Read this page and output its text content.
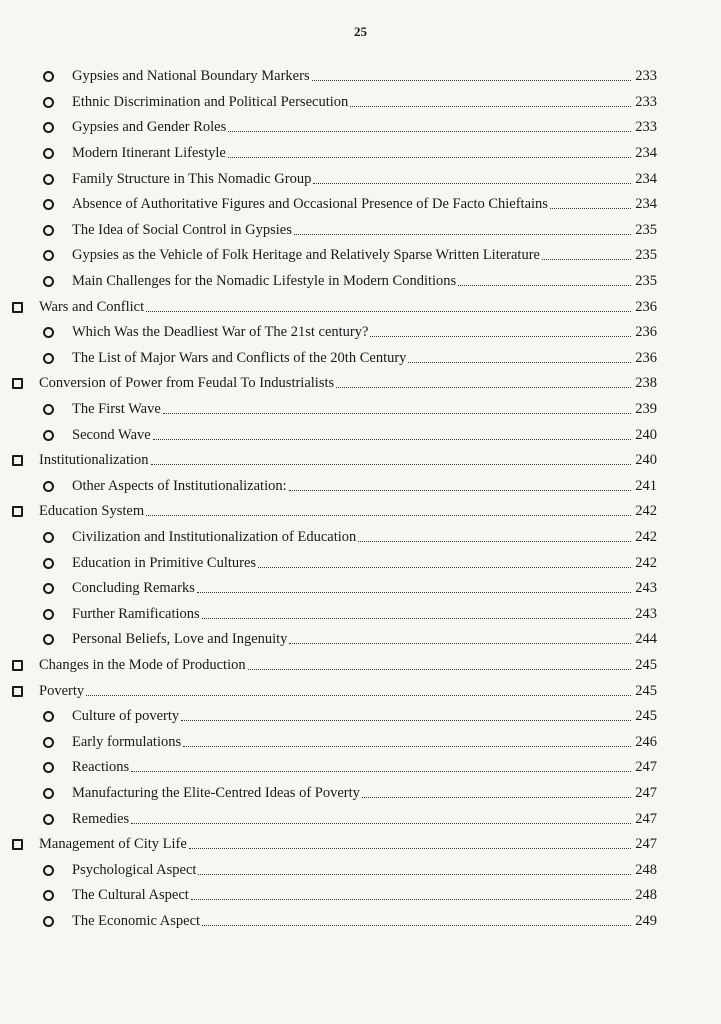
25
Gypsies and National Boundary Markers	233
Ethnic Discrimination and Political Persecution	233
Gypsies and Gender Roles	233
Modern Itinerant Lifestyle	234
Family Structure in This Nomadic Group	234
Absence of Authoritative Figures and Occasional Presence of De Facto Chieftains	234
The Idea of Social Control in Gypsies	235
Gypsies as the Vehicle of Folk Heritage and Relatively Sparse Written Literature	235
Main Challenges for the Nomadic Lifestyle in Modern Conditions	235
Wars and Conflict	236
Which Was the Deadliest War of The 21st century?	236
The List of Major Wars and Conflicts of the 20th Century	236
Conversion of Power from Feudal To Industrialists	238
The First Wave	239
Second Wave	240
Institutionalization	240
Other Aspects of Institutionalization:	241
Education System	242
Civilization and Institutionalization of Education	242
Education in Primitive Cultures	242
Concluding Remarks	243
Further Ramifications	243
Personal Beliefs, Love and Ingenuity	244
Changes in the Mode of Production	245
Poverty	245
Culture of poverty	245
Early formulations	246
Reactions	247
Manufacturing the Elite-Centred Ideas of Poverty	247
Remedies	247
Management of City Life	247
Psychological Aspect	248
The Cultural Aspect	248
The Economic Aspect	249
